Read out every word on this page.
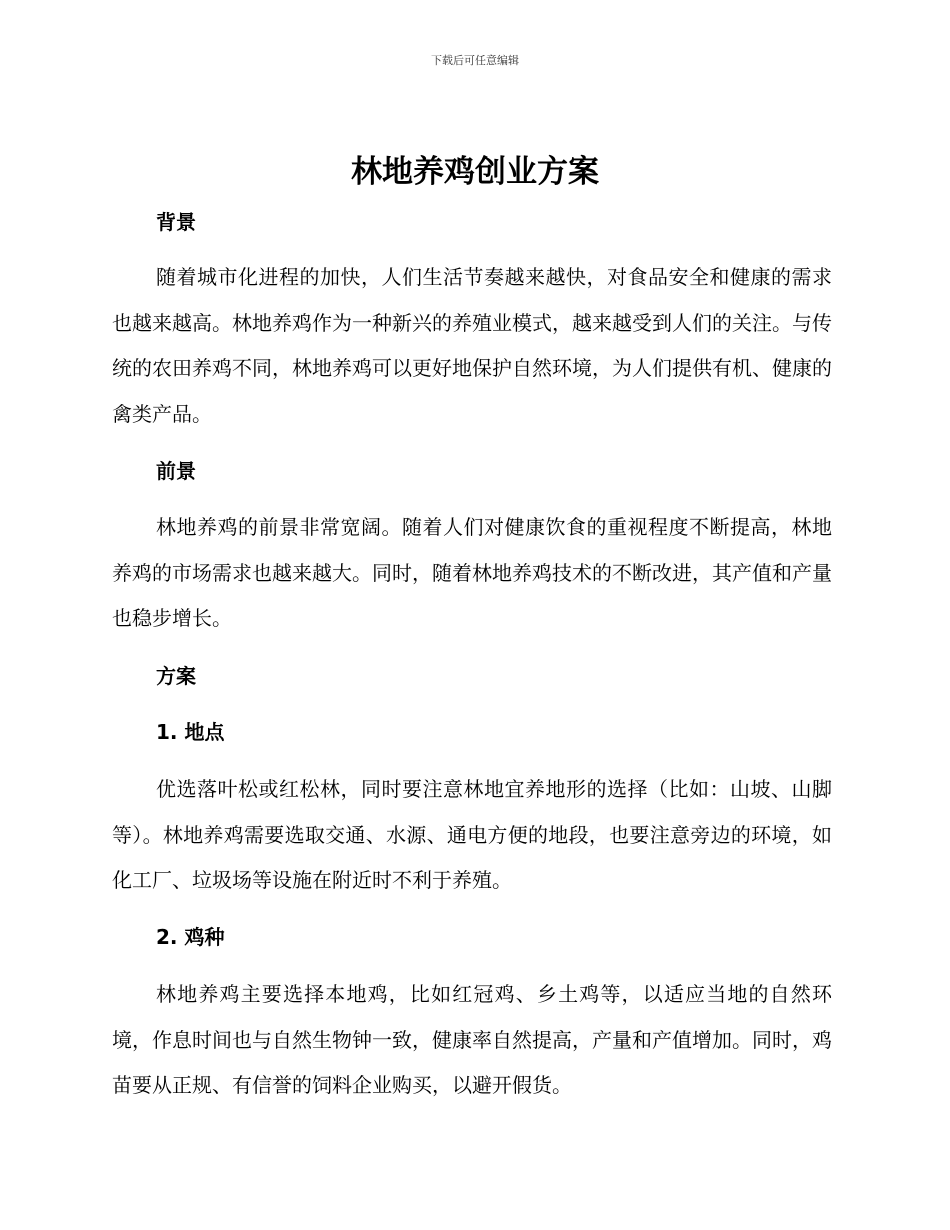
下载后可任意编辑
林地养鸡创业方案
背景

随着城市化进程的加快，人们生活节奏越来越快，对食品安全和健康的需求也越来越高。林地养鸡作为一种新兴的养殖业模式，越来越受到人们的关注。与传统的农田养鸡不同，林地养鸡可以更好地保护自然环境，为人们提供有机、健康的禽类产品。

前景

林地养鸡的前景非常宽阔。随着人们对健康饮食的重视程度不断提高，林地养鸡的市场需求也越来越大。同时，随着林地养鸡技术的不断改进，其产值和产量也稳步增长。

方案
1. 地点

优选落叶松或红松林，同时要注意林地宜养地形的选择（比如：山坡、山脚等）。林地养鸡需要选取交通、水源、通电方便的地段，也要注意旁边的环境，如化工厂、垃圾场等设施在附近时不利于养殖。

2. 鸡种

林地养鸡主要选择本地鸡，比如红冠鸡、乡土鸡等，以适应当地的自然环境，作息时间也与自然生物钟一致，健康率自然提高，产量和产值增加。同时，鸡苗要从正规、有信誉的饲料企业购买，以避开假货。
